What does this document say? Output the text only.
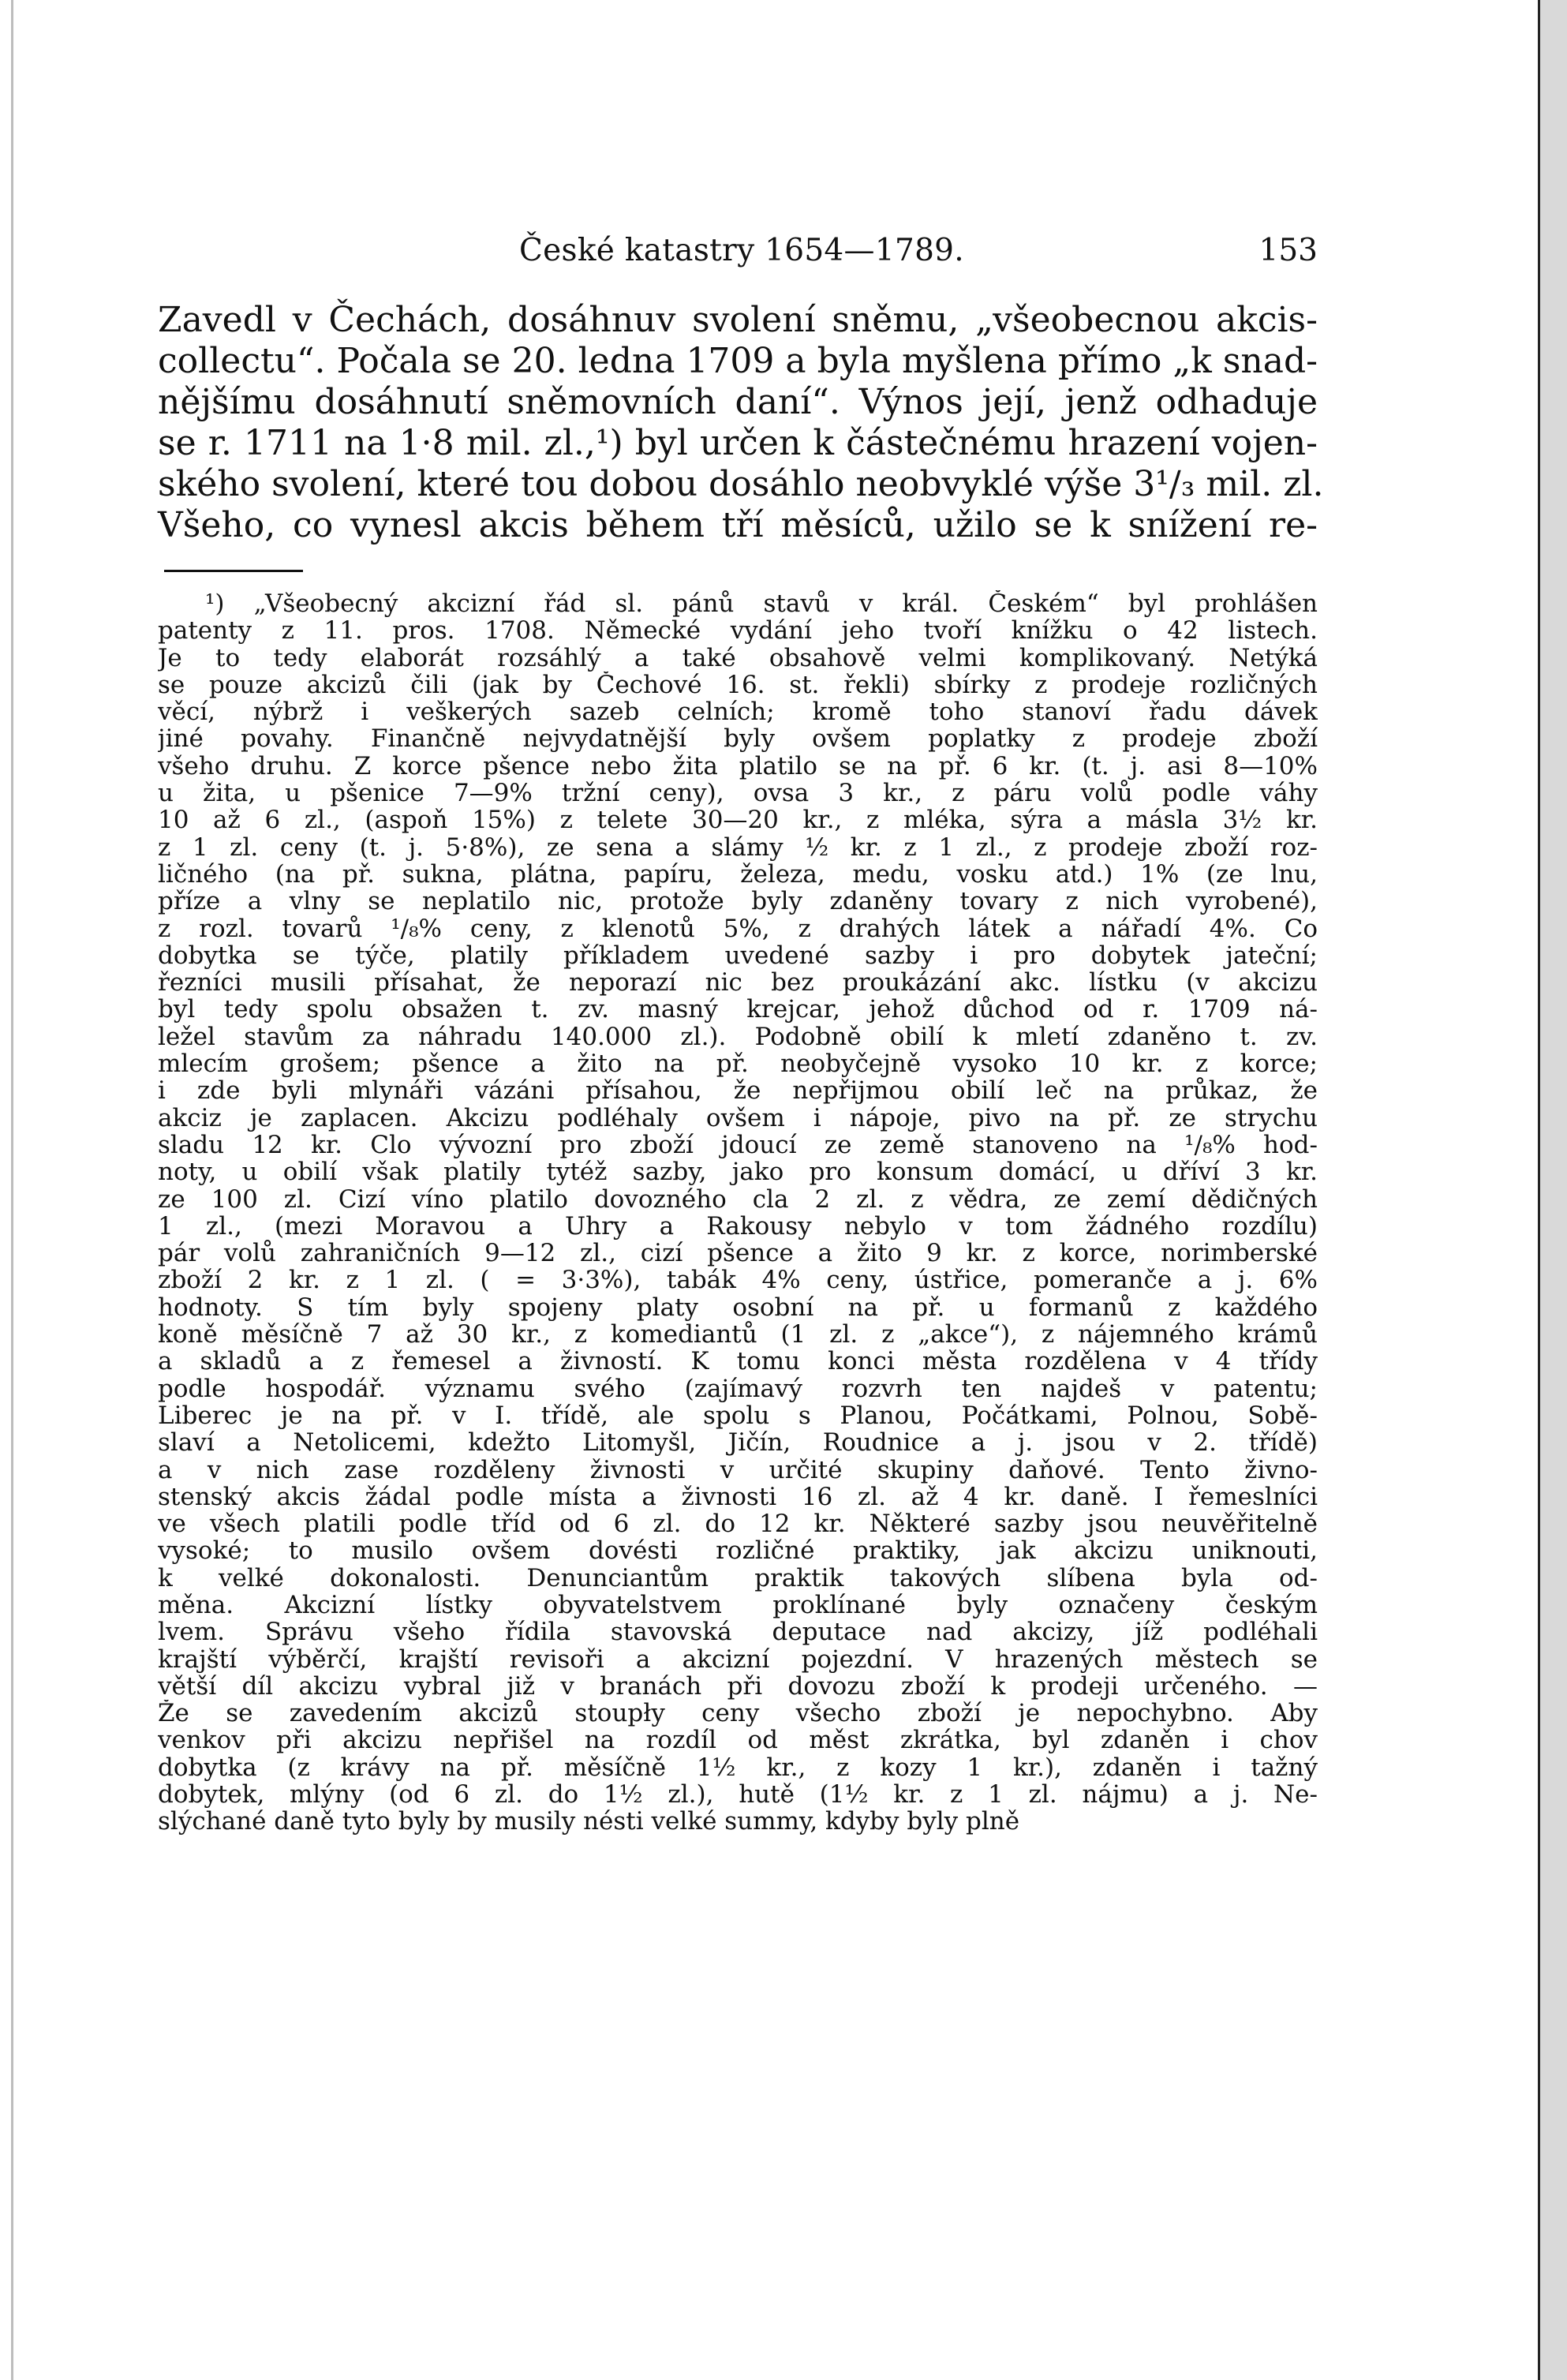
České katastry 1654—1789.	153
Zavedl v Čechách, dosáhnuv svolení sněmu, „všeobecnou akcis-
collectu“. Počala se 20. ledna 1709 a byla myšlena přímo „k snad-
nějšímu dosáhnutí sněmovních daní“. Výnos její, jenž odhaduje
se r. 1711 na 1·8 mil. zl.,¹) byl určen k částečnému hrazení vojen-
ského svolení, které tou dobou dosáhlo neobvyklé výše 3¹/₃ mil. zl.
Všeho, co vynesl akcis během tří měsíců, užilo se k snížení re-
¹) „Všeobecný akcizní řád sl. pánů stavů v král. Českém“ byl prohlášen
patenty z 11. pros. 1708. Německé vydání jeho tvoří knížku o 42 listech.
Je to tedy elaborát rozsáhlý a také obsahově velmi komplikovaný. Netýká
se pouze akcizů čili (jak by Čechové 16. st. řekli) sbírky z prodeje rozličných
věcí, nýbrž i veškerých sazeb celních; kromě toho stanoví řadu dávek
jiné povahy. Finančně nejvydatnější byly ovšem poplatky z prodeje zboží
všeho druhu. Z korce pšence nebo žita platilo se na př. 6 kr. (t. j. asi 8—10%
u žita, u pšenice 7—9% tržní ceny), ovsa 3 kr., z páru volů podle váhy
10 až 6 zl., (aspoň 15%) z telete 30—20 kr., z mléka, sýra a másla 3½ kr.
z 1 zl. ceny (t. j. 5·8%), ze sena a slámy ½ kr. z 1 zl., z prodeje zboží roz-
ličného (na př. sukna, plátna, papíru, železa, medu, vosku atd.) 1% (ze lnu,
příze a vlny se neplatilo nic, protože byly zdaněny tovary z nich vyrobené),
z rozl. tovarů ¹/₈% ceny, z klenotů 5%, z drahých látek a nářadí 4%. Co
dobytka se týče, platily příkladem uvedené sazby i pro dobytek jateční;
řezníci musili přísahat, že neporazí nic bez proukázání akc. lístku (v akcizu
byl tedy spolu obsažen t. zv. masný krejcar, jehož důchod od r. 1709 ná-
ležel stavům za náhradu 140.000 zl.). Podobně obilí k mletí zdaněno t. zv.
mlecím grošem; pšence a žito na př. neobyčejně vysoko 10 kr. z korce;
i zde byli mlynáři vázáni přísahou, že nepřijmou obilí leč na průkaz, že
akciz je zaplacen. Akcizu podléhaly ovšem i nápoje, pivo na př. ze strychu
sladu 12 kr. Clo vývozní pro zboží jdoucí ze země stanoveno na ¹/₈% hod-
noty, u obilí však platily tytéž sazby, jako pro konsum domácí, u dříví 3 kr.
ze 100 zl. Cizí víno platilo dovozného cla 2 zl. z vědra, ze zemí dědičných
1 zl., (mezi Moravou a Uhry a Rakousy nebylo v tom žádného rozdílu)
pár volů zahraničních 9—12 zl., cizí pšence a žito 9 kr. z korce, norimberské
zboží 2 kr. z 1 zl. ( = 3·3%), tabák 4% ceny, ústřice, pomeranče a j. 6%
hodnoty. S tím byly spojeny platy osobní na př. u formanů z každého
koně měsíčně 7 až 30 kr., z komediantů (1 zl. z „akce“), z nájemného krámů
a skladů a z řemesel a živností. K tomu konci města rozdělena v 4 třídy
podle hospodář. významu svého (zajímavý rozvrh ten najdeš v patentu;
Liberec je na př. v I. třídě, ale spolu s Planou, Počátkami, Polnou, Sobě-
slaví a Netolicemi, kdežto Litomyšl, Jičín, Roudnice a j. jsou v 2. třídě)
a v nich zase rozděleny živnosti v určité skupiny daňové. Tento živno-
stenský akcis žádal podle místa a živnosti 16 zl. až 4 kr. daně. I řemeslníci
ve všech platili podle tříd od 6 zl. do 12 kr. Některé sazby jsou neuvěřitelně
vysoké; to musilo ovšem dovésti rozličné praktiky, jak akcizu uniknouti,
k velké dokonalosti. Denunciantům praktik takových slíbena byla od-
měna. Akcizní lístky obyvatelstvem proklínané byly označeny českým
lvem. Správu všeho řídila stavovská deputace nad akcizy, jíž podléhali
krajští výběrčí, krajští revisoři a akcizní pojezdní. V hrazených městech se
větší díl akcizu vybral již v branách při dovozu zboží k prodeji určeného. —
Že se zavedením akcizů stoupły ceny všecho zboží je nepochybno. Aby
venkov při akcizu nepřišel na rozdíl od měst zkrátka, byl zdaněn i chov
dobytka (z krávy na př. měsíčně 1½ kr., z kozy 1 kr.), zdaněn i tažný
dobytek, mlýny (od 6 zl. do 1½ zl.), hutě (1½ kr. z 1 zl. nájmu) a j. Ne-
slýchané daně tyto byly by musily nésti velké summy, kdyby byly plně
